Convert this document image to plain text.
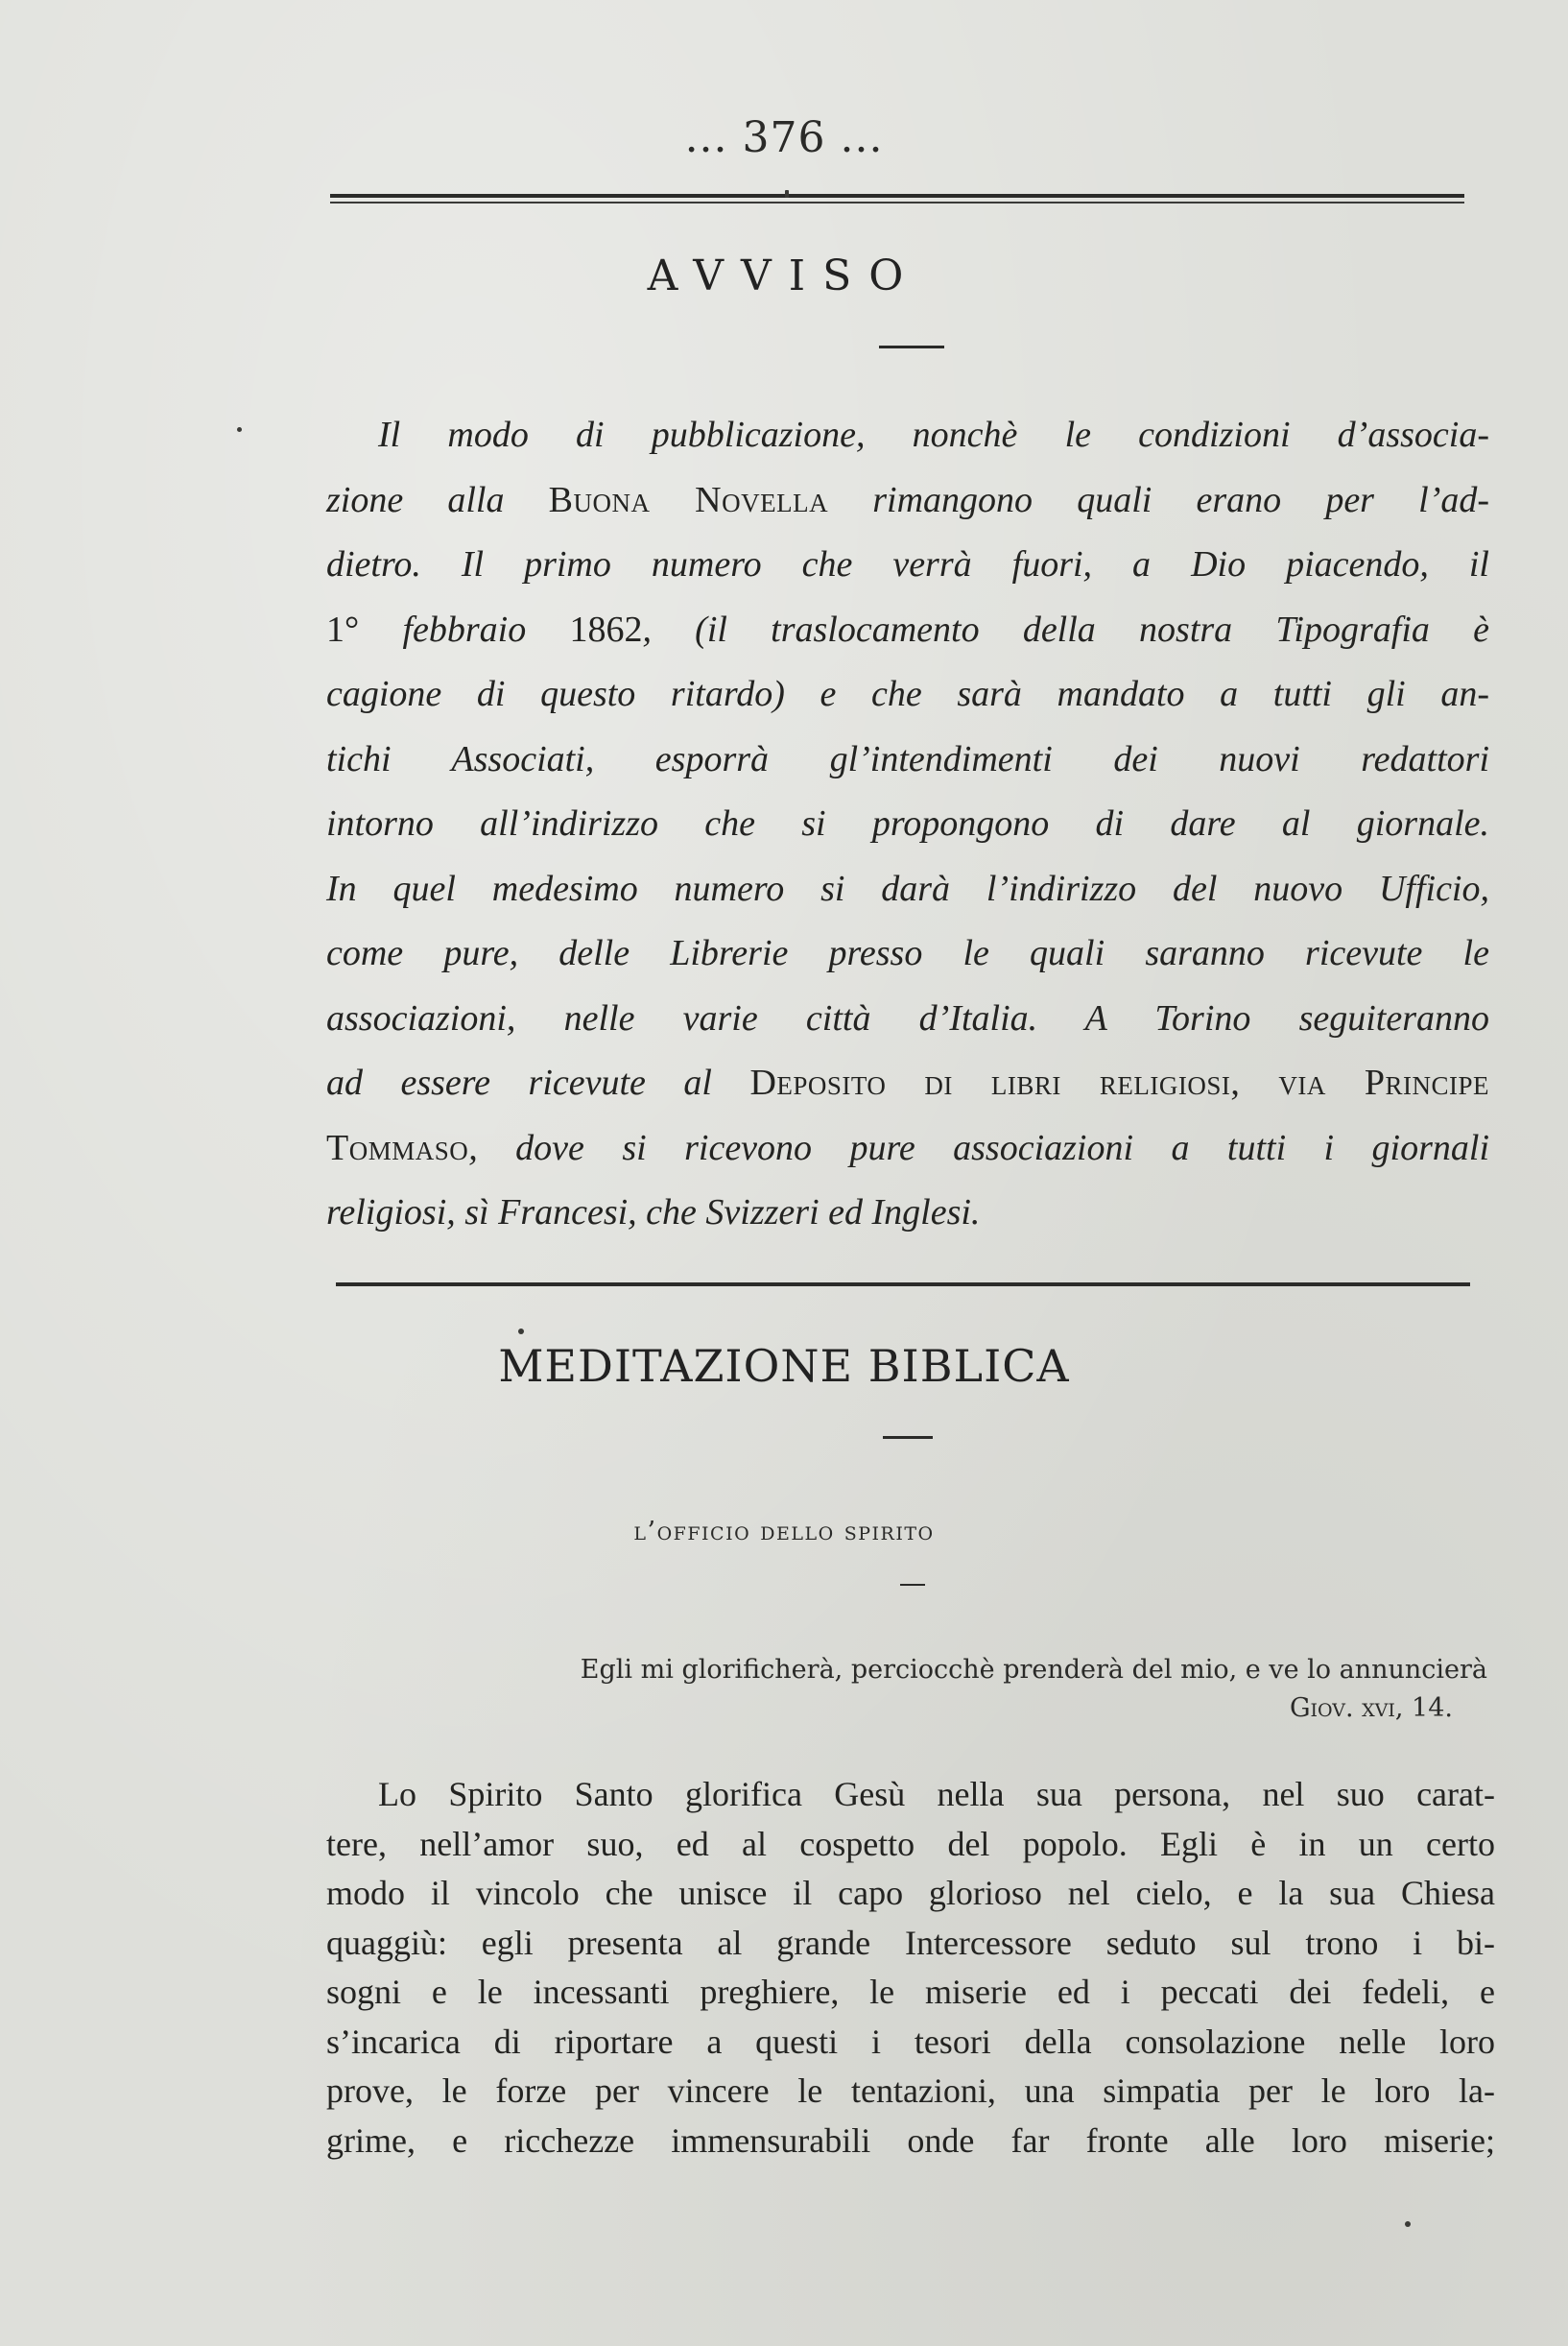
... 376 ...
AVVISO
Il modo di pubblicazione, nonchè le condizioni d’associa-
zione alla Buona Novella rimangono quali erano per l’ad-
dietro. Il primo numero che verrà fuori, a Dio piacendo, il
1° febbraio 1862, (il traslocamento della nostra Tipografia è
cagione di questo ritardo) e che sarà mandato a tutti gli an-
tichi Associati, esporrà gl’intendimenti dei nuovi redattori
intorno all’indirizzo che si propongono di dare al giornale.
In quel medesimo numero si darà l’indirizzo del nuovo Ufficio,
come pure, delle Librerie presso le quali saranno ricevute le
associazioni, nelle varie città d’Italia. A Torino seguiteranno
ad essere ricevute al Deposito di libri religiosi, via Principe
Tommaso, dove si ricevono pure associazioni a tutti i giornali
religiosi, sì Francesi, che Svizzeri ed Inglesi.
MEDITAZIONE BIBLICA
l’officio dello spirito
Egli mi glorificherà, perciocchè prenderà del mio, e ve lo annuncierà
Giov. xvi, 14.
Lo Spirito Santo glorifica Gesù nella sua persona, nel suo carat-
tere, nell’amor suo, ed al cospetto del popolo. Egli è in un certo
modo il vincolo che unisce il capo glorioso nel cielo, e la sua Chiesa
quaggiù: egli presenta al grande Intercessore seduto sul trono i bi-
sogni e le incessanti preghiere, le miserie ed i peccati dei fedeli, e
s’incarica di riportare a questi i tesori della consolazione nelle loro
prove, le forze per vincere le tentazioni, una simpatia per le loro la-
grime, e ricchezze immensurabili onde far fronte alle loro miserie;
